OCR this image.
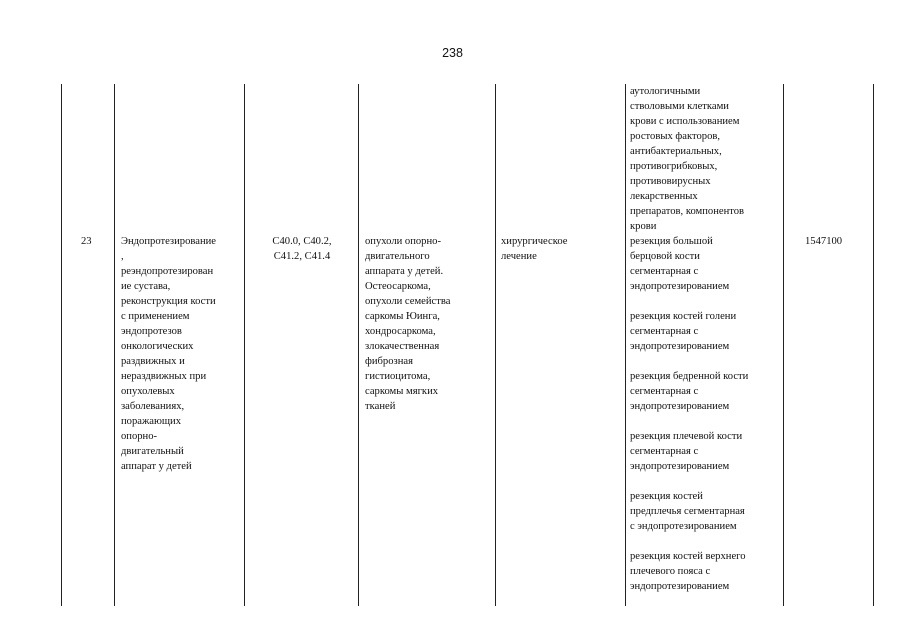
238
23	Эндопротезирование
,
реэндопротезирован
ие сустава,
реконструкция кости
с применением
эндопротезов
онкологических
раздвижных и
нераздвижных при
опухолевых
заболеваниях,
поражающих
опорно-
двигательный
аппарат у детей
C40.0, C40.2,
C41.2, C41.4
опухоли опорно-
двигательного
аппарата у детей.
Остеосаркома,
опухоли семейства
саркомы Юинга,
хондросаркома,
злокачественная
фиброзная
гистиоцитома,
саркомы мягких
тканей
хирургическое
лечение
аутологичными
стволовыми клетками
крови с использованием
ростовых факторов,
антибактериальных,
противогрибковых,
противовирусных
лекарственных
препаратов, компонентов
крови
резекция большой
берцовой кости
сегментарная с
эндопротезированием
резекция костей голени
сегментарная с
эндопротезированием
резекция бедренной кости
сегментарная с
эндопротезированием
резекция плечевой кости
сегментарная с
эндопротезированием
резекция костей
предплечья сегментарная
с эндопротезированием
резекция костей верхнего
плечевого пояса с
эндопротезированием
1547100
